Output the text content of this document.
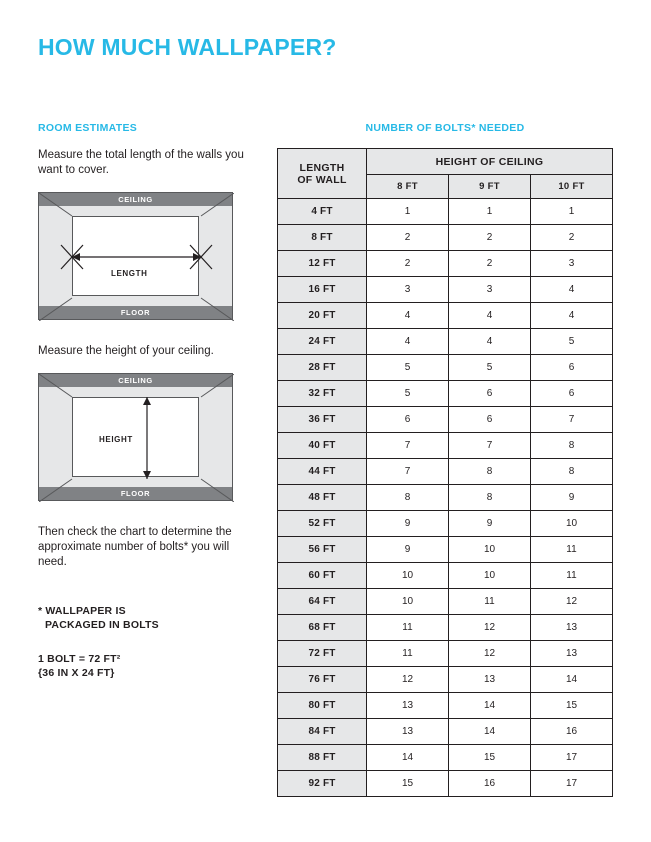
HOW MUCH WALLPAPER?

ROOM ESTIMATES

Measure the total length of the walls you want to cover.

CEILING
FLOOR
LENGTH

Measure the height of your ceiling.

CEILING
FLOOR
HEIGHT

Then check the chart to determine the approximate number of bolts* you will need.

* WALLPAPER IS

PACKAGED IN BOLTS

1 BOLT = 72 FT²

{36 IN X 24 FT}

NUMBER OF BOLTS* NEEDED

LENGTH
OF WALL	HEIGHT OF CEILING		
	8 FT	9 FT	10 FT
4 FT	1	1	1
8 FT	2	2	2
12 FT	2	2	3
16 FT	3	3	4
20 FT	4	4	4
24 FT	4	4	5
28 FT	5	5	6
32 FT	5	6	6
36 FT	6	6	7
40 FT	7	7	8
44 FT	7	8	8
48 FT	8	8	9
52 FT	9	9	10
56 FT	9	10	11
60 FT	10	10	11
64 FT	10	11	12
68 FT	11	12	13
72 FT	11	12	13
76 FT	12	13	14
80 FT	13	14	15
84 FT	13	14	16
88 FT	14	15	17
92 FT	15	16	17
